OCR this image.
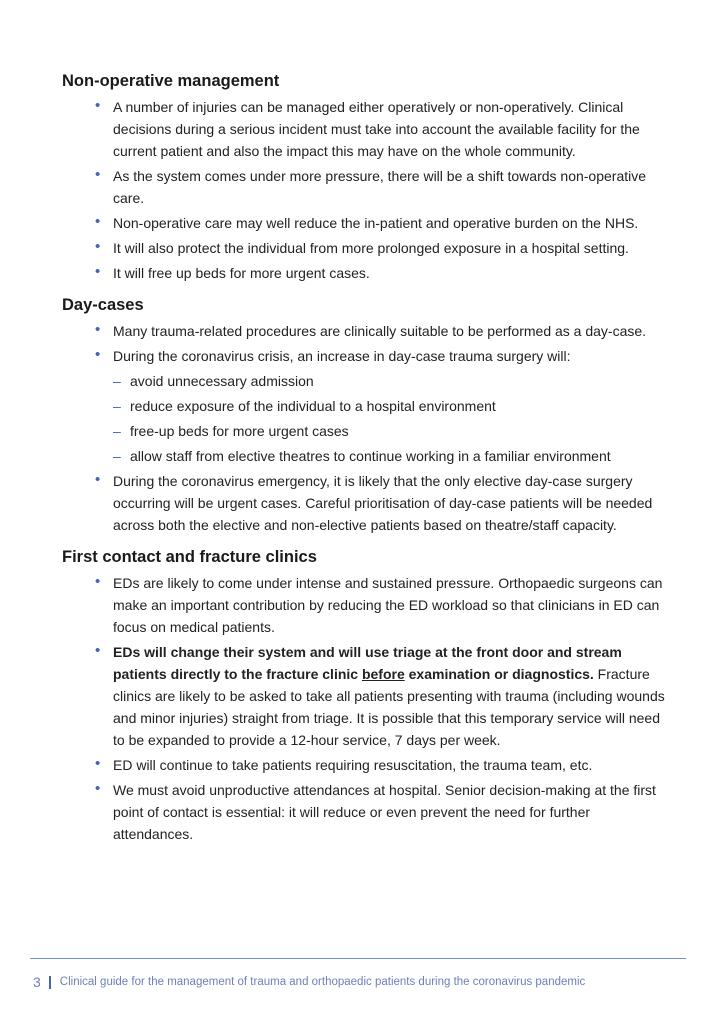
Non-operative management
• A number of injuries can be managed either operatively or non-operatively. Clinical decisions during a serious incident must take into account the available facility for the current patient and also the impact this may have on the whole community.
• As the system comes under more pressure, there will be a shift towards non-operative care.
• Non-operative care may well reduce the in-patient and operative burden on the NHS.
• It will also protect the individual from more prolonged exposure in a hospital setting.
• It will free up beds for more urgent cases.
Day-cases
• Many trauma-related procedures are clinically suitable to be performed as a day-case.
• During the coronavirus crisis, an increase in day-case trauma surgery will:
– avoid unnecessary admission
– reduce exposure of the individual to a hospital environment
– free-up beds for more urgent cases
– allow staff from elective theatres to continue working in a familiar environment
• During the coronavirus emergency, it is likely that the only elective day-case surgery occurring will be urgent cases. Careful prioritisation of day-case patients will be needed across both the elective and non-elective patients based on theatre/staff capacity.
First contact and fracture clinics
• EDs are likely to come under intense and sustained pressure. Orthopaedic surgeons can make an important contribution by reducing the ED workload so that clinicians in ED can focus on medical patients.
• EDs will change their system and will use triage at the front door and stream patients directly to the fracture clinic before examination or diagnostics. Fracture clinics are likely to be asked to take all patients presenting with trauma (including wounds and minor injuries) straight from triage. It is possible that this temporary service will need to be expanded to provide a 12-hour service, 7 days per week.
• ED will continue to take patients requiring resuscitation, the trauma team, etc.
• We must avoid unproductive attendances at hospital. Senior decision-making at the first point of contact is essential: it will reduce or even prevent the need for further attendances.
3 Clinical guide for the management of trauma and orthopaedic patients during the coronavirus pandemic
